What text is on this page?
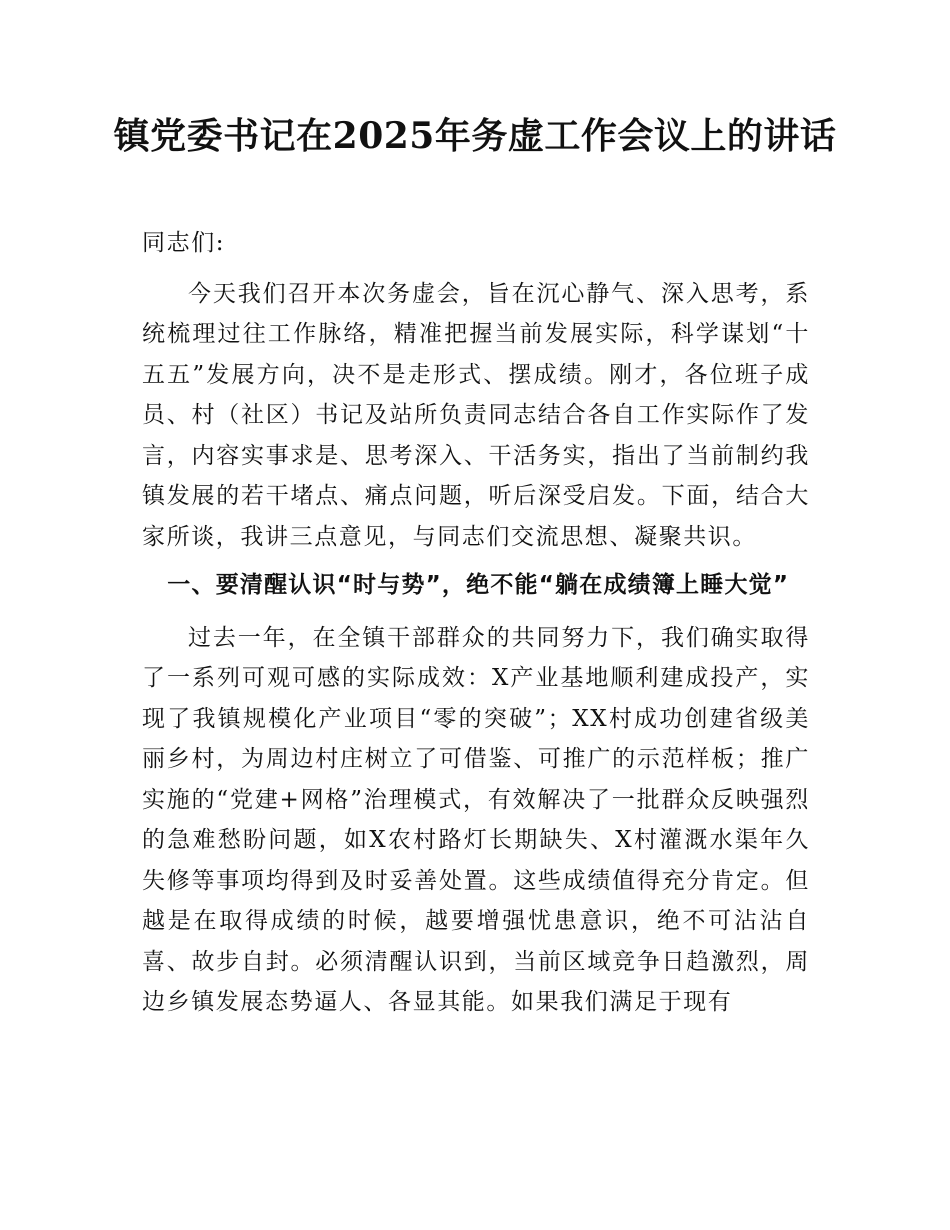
镇党委书记在2025年务虚工作会议上的讲话

同志们:

今天我们召开本次务虚会，旨在沉心静气、深入思考，系统梳理过往工作脉络，精准把握当前发展实际，科学谋划“十五五”发展方向，决不是走形式、摆成绩。刚才，各位班子成员、村（社区）书记及站所负责同志结合各自工作实际作了发言，内容实事求是、思考深入、干活务实，指出了当前制约我镇发展的若干堵点、痛点问题，听后深受启发。下面，结合大家所谈，我讲三点意见，与同志们交流思想、凝聚共识。

一、要清醒认识“时与势”，绝不能“躺在成绩簿上睡大觉”

过去一年，在全镇干部群众的共同努力下，我们确实取得了一系列可观可感的实际成效：X产业基地顺利建成投产，实现了我镇规模化产业项目“零的突破”；XX村成功创建省级美丽乡村，为周边村庄树立了可借鉴、可推广的示范样板；推广实施的“党建+网格”治理模式，有效解决了一批群众反映强烈的急难愁盼问题，如X农村路灯长期缺失、X村灌溉水渠年久失修等事项均得到及时妥善处置。这些成绩值得充分肯定。但越是在取得成绩的时候，越要增强忧患意识，绝不可沾沾自喜、故步自封。必须清醒认识到，当前区域竞争日趋激烈，周边乡镇发展态势逼人、各显其能。如果我们满足于现有
